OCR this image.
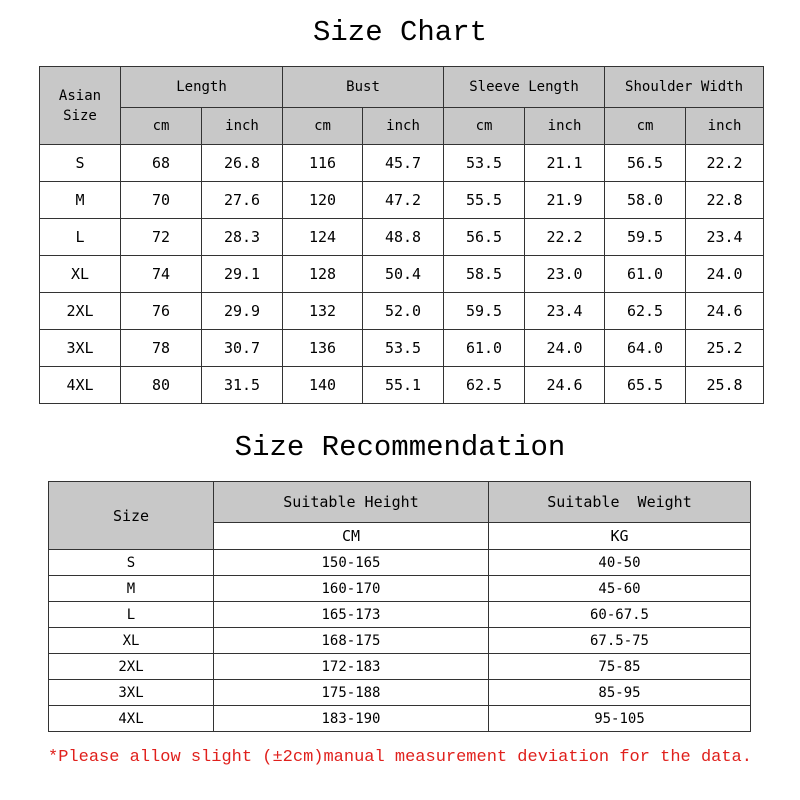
Size Chart
Asian
Size	Length		Bust		Sleeve Length		Shoulder Width	
	cm	inch	cm	inch	cm	inch	cm	inch
S	68	26.8	116	45.7	53.5	21.1	56.5	22.2
M	70	27.6	120	47.2	55.5	21.9	58.0	22.8
L	72	28.3	124	48.8	56.5	22.2	59.5	23.4
XL	74	29.1	128	50.4	58.5	23.0	61.0	24.0
2XL	76	29.9	132	52.0	59.5	23.4	62.5	24.6
3XL	78	30.7	136	53.5	61.0	24.0	64.0	25.2
4XL	80	31.5	140	55.1	62.5	24.6	65.5	25.8
Size Recommendation
Size	Suitable Height	Suitable  Weight
	CM	KG
S	150-165	40-50
M	160-170	45-60
L	165-173	60-67.5
XL	168-175	67.5-75
2XL	172-183	75-85
3XL	175-188	85-95
4XL	183-190	95-105
*Please allow slight (±2cm)manual measurement deviation for the data.
